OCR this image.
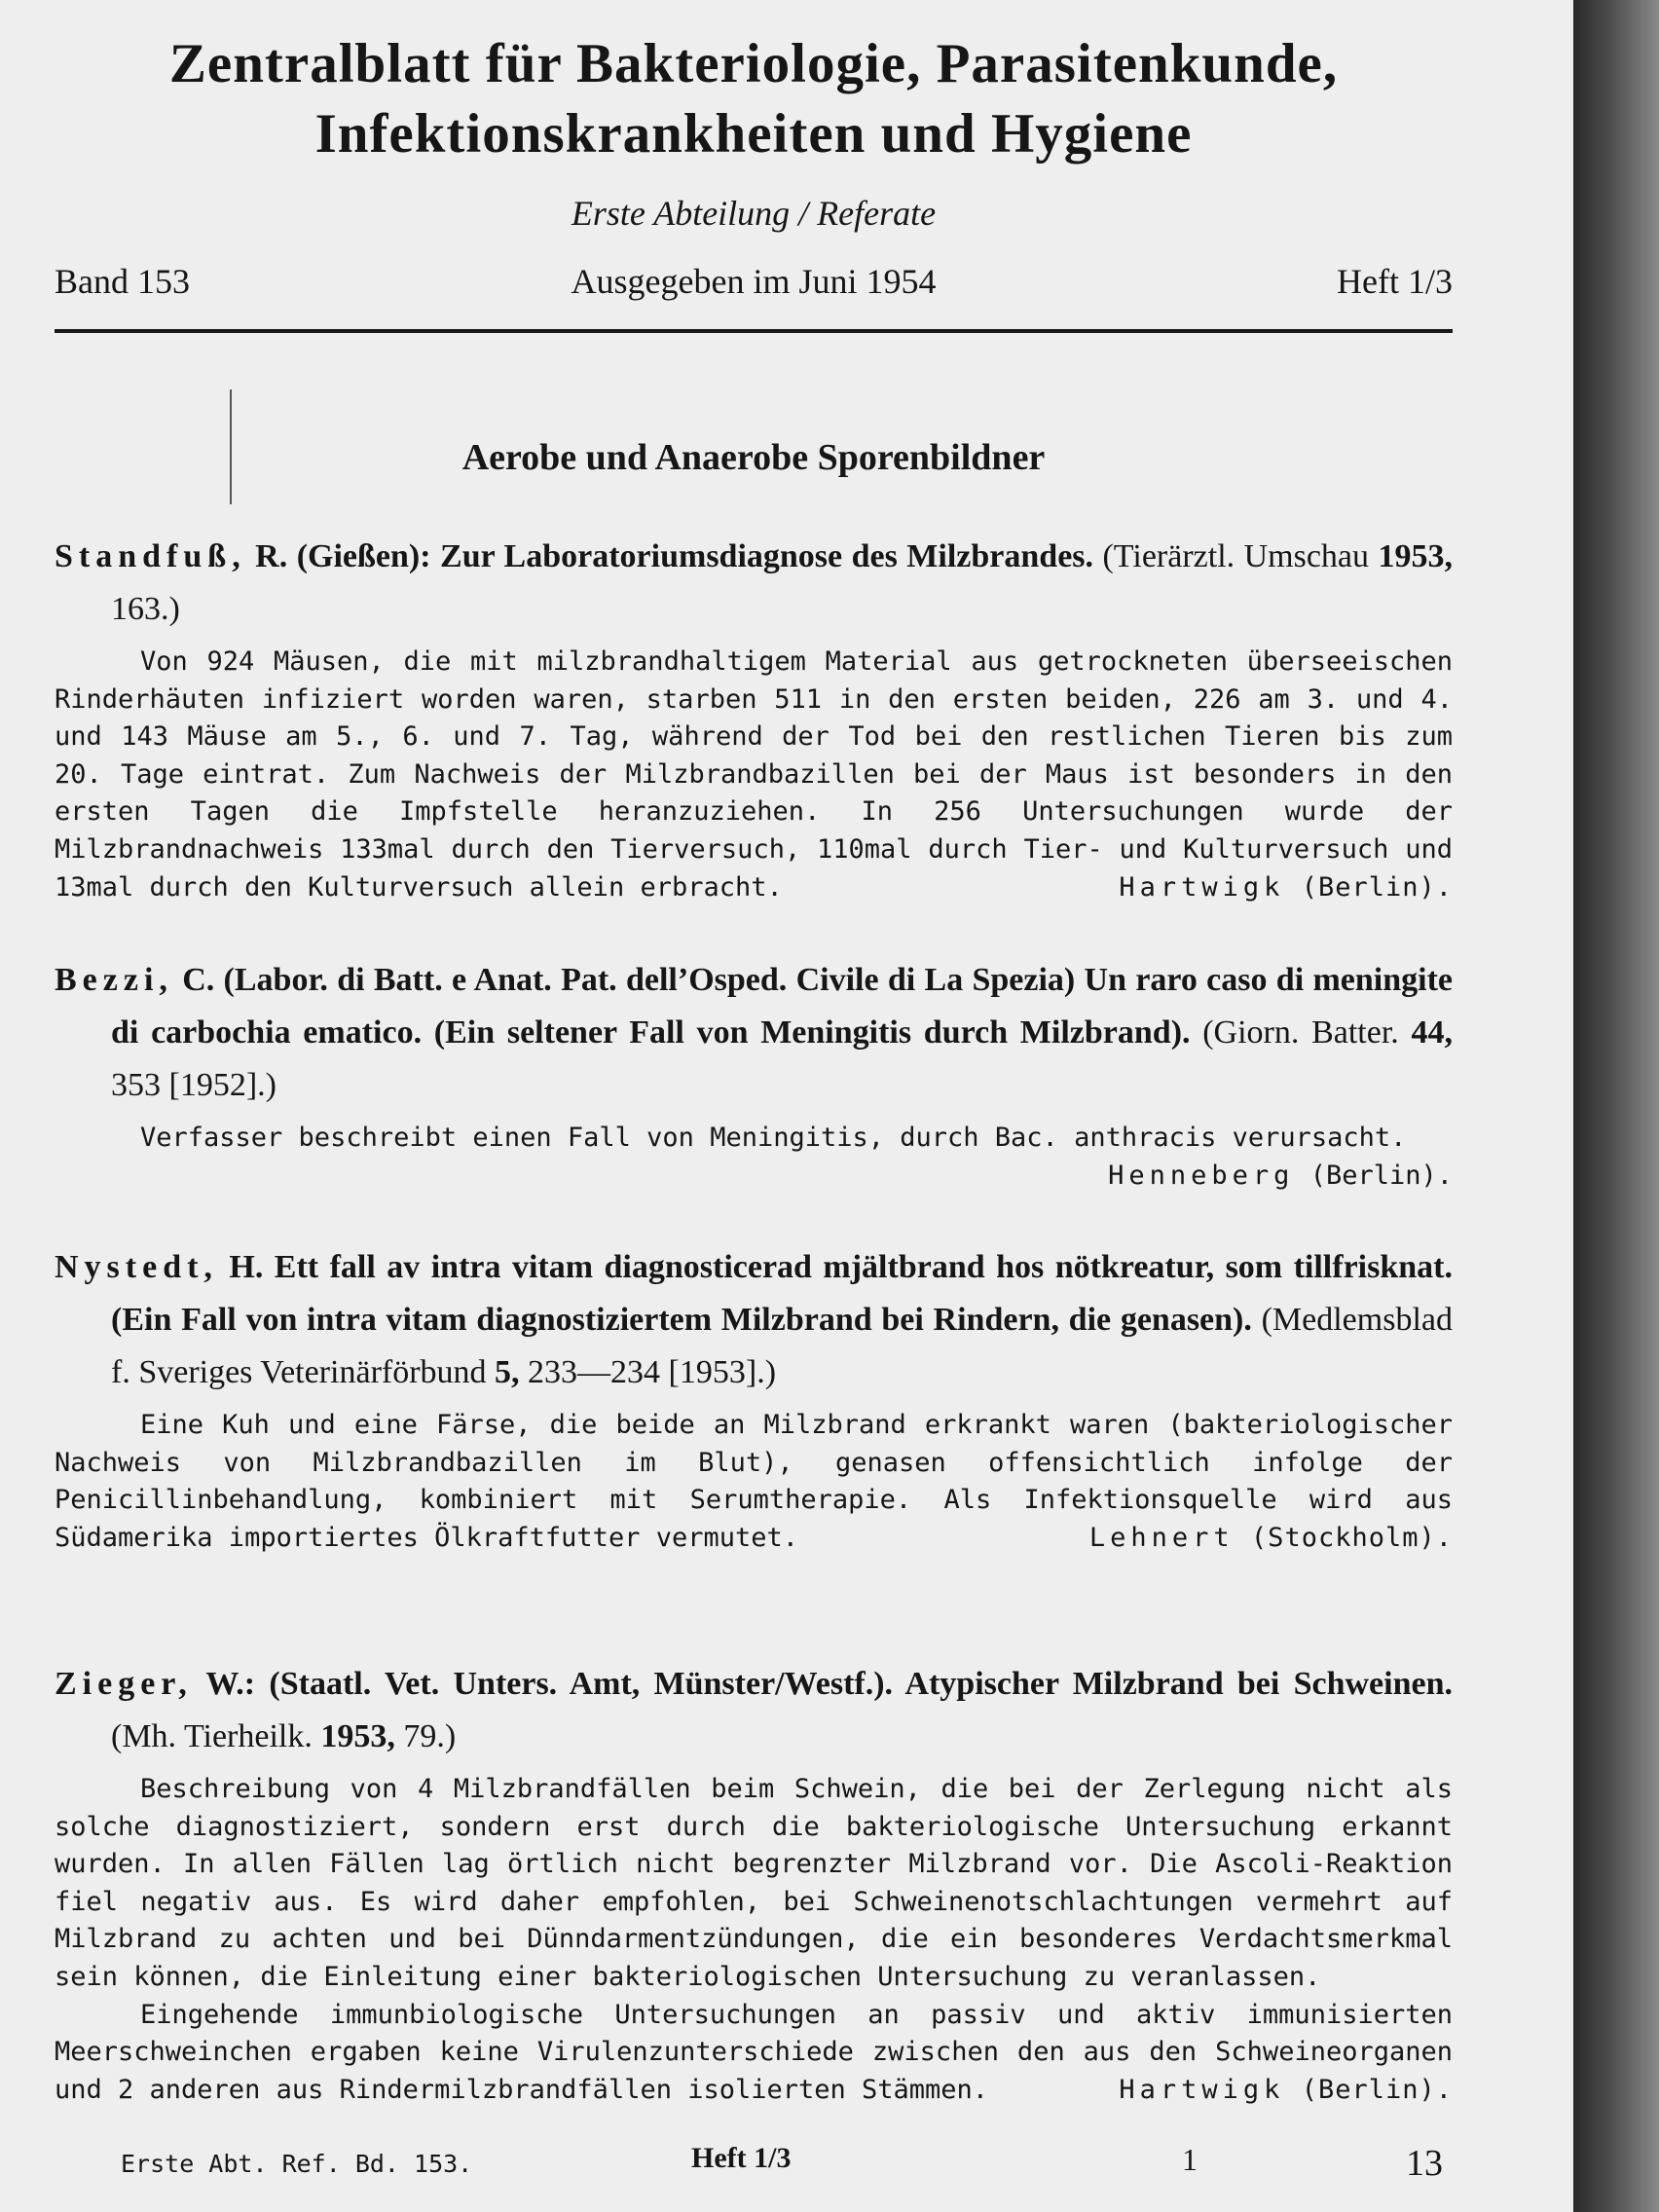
Zentralblatt für Bakteriologie, Parasitenkunde,
Infektionskrankheiten und Hygiene

Erste Abteilung / Referate

Ausgegeben im Juni 1954
Band 153	Heft 1/3
Aerobe und Anaerobe Sporenbildner

Standfuß, R. (Gießen): Zur Laboratoriumsdiagnose des Milzbrandes. (Tierärztl. Umschau 1953, 163.)

Von 924 Mäusen, die mit milzbrandhaltigem Material aus getrockneten überseeischen Rinderhäuten infiziert worden waren, starben 511 in den ersten beiden, 226 am 3. und 4. und 143 Mäuse am 5., 6. und 7. Tag, während der Tod bei den restlichen Tieren bis zum 20. Tage eintrat. Zum Nachweis der Milzbrandbazillen bei der Maus ist besonders in den ersten Tagen die Impfstelle heranzuziehen. In 256 Untersuchungen wurde der Milzbrandnachweis 133mal durch den Tierversuch, 110mal durch Tier- und Kulturversuch und 13mal durch den Kulturversuch allein erbracht.	Hartwigk (Berlin).

Bezzi, C. (Labor. di Batt. e Anat. Pat. dell’Osped. Civile di La Spezia) Un raro caso di meningite di carbochia ematico. (Ein seltener Fall von Meningitis durch Milzbrand). (Giorn. Batter. 44, 353 [1952].)

Verfasser beschreibt einen Fall von Meningitis, durch Bac. anthracis verursacht.

Henneberg (Berlin).

Nystedt, H. Ett fall av intra vitam diagnosticerad mjältbrand hos nötkreatur, som tillfrisknat. (Ein Fall von intra vitam diagnostiziertem Milzbrand bei Rindern, die genasen). (Medlemsblad f. Sveriges Veterinärförbund 5, 233—234 [1953].)

Eine Kuh und eine Färse, die beide an Milzbrand erkrankt waren (bakteriologischer Nachweis von Milzbrandbazillen im Blut), genasen offensichtlich infolge der Penicillinbehandlung, kombiniert mit Serumtherapie. Als Infektionsquelle wird aus Südamerika importiertes Ölkraftfutter vermutet.	Lehnert (Stockholm).

Zieger, W.: (Staatl. Vet. Unters. Amt, Münster/Westf.). Atypischer Milzbrand bei Schweinen. (Mh. Tierheilk. 1953, 79.)

Beschreibung von 4 Milzbrandfällen beim Schwein, die bei der Zerlegung nicht als solche diagnostiziert, sondern erst durch die bakteriologische Untersuchung erkannt wurden. In allen Fällen lag örtlich nicht begrenzter Milzbrand vor. Die Ascoli-Reaktion fiel negativ aus. Es wird daher empfohlen, bei Schweinenotschlachtungen vermehrt auf Milzbrand zu achten und bei Dünndarmentzündungen, die ein besonderes Verdachtsmerkmal sein können, die Einleitung einer bakteriologischen Untersuchung zu veranlassen.

Eingehende immunbiologische Untersuchungen an passiv und aktiv immunisierten Meerschweinchen ergaben keine Virulenzunterschiede zwischen den aus den Schweineorganen und 2 anderen aus Rindermilzbrandfällen isolierten Stämmen.	Hartwigk (Berlin).

Erste Abt. Ref. Bd. 153.	Heft 1/3	1	13
